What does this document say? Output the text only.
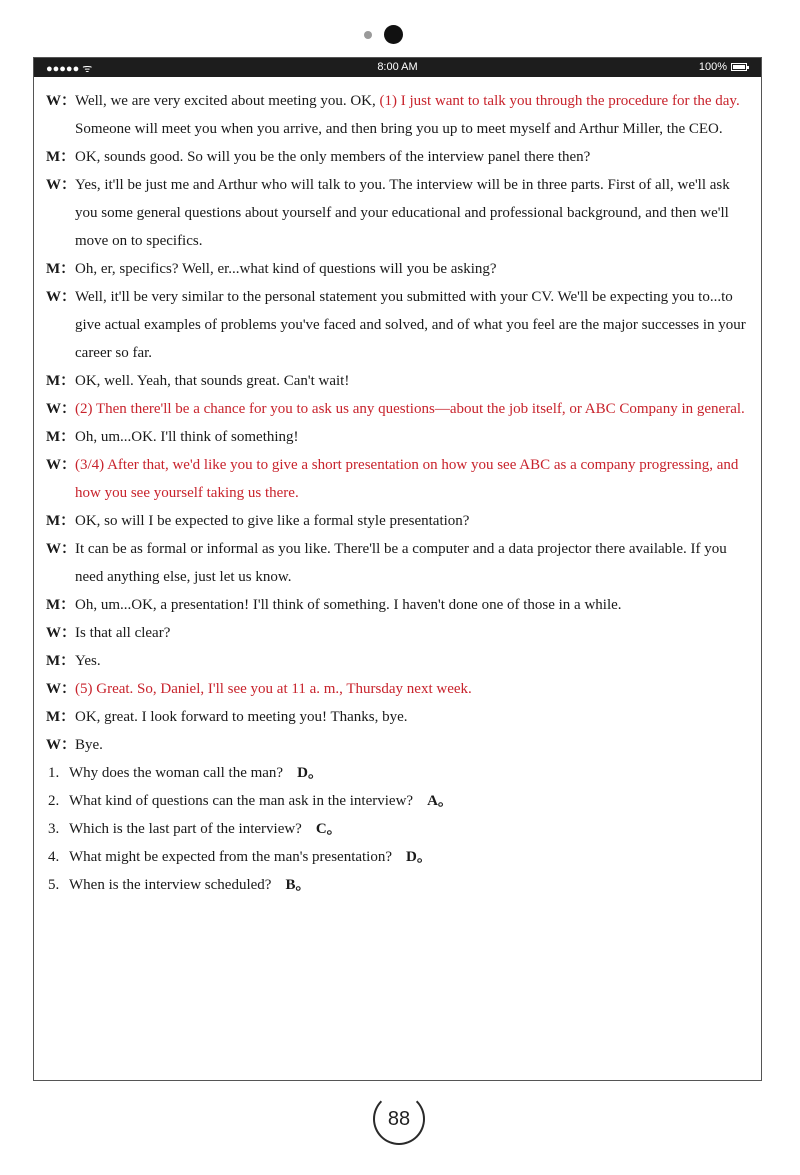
●●●●● ᯤ	8:00 AM	100%
W：
Well, we are very excited about meeting you. OK, (1) I just want to talk you through the procedure for the day. Someone will meet you when you arrive, and then bring you up to meet myself and Arthur Miller, the CEO.
M： OK, sounds good. So will you be the only members of the interview panel there then?
W：
Yes, it'll be just me and Arthur who will talk to you. The interview will be in three parts. First of all, we'll ask you some general questions about yourself and your educational and professional background, and then we'll move on to specifics.
M： Oh, er, specifics? Well, er...what kind of questions will you be asking?
W：
Well, it'll be very similar to the personal statement you submitted with your CV. We'll be expecting you to...to give actual examples of problems you've faced and solved, and of what you feel are the major successes in your career so far.
M： OK, well. Yeah, that sounds great. Can't wait!
W：
(2) Then there'll be a chance for you to ask us any questions—about the job itself, or ABC Company in general.
M： Oh, um...OK. I'll think of something!
W：
(3/4) After that, we'd like you to give a short presentation on how you see ABC as a company progressing, and how you see yourself taking us there.
M： OK, so will I be expected to give like a formal style presentation?
W：
It can be as formal or informal as you like. There'll be a computer and a data projector there available. If you need anything else, just let us know.
M： Oh, um...OK, a presentation! I'll think of something. I haven't done one of those in a while.
W：
Is that all clear?
M： Yes.
W：
(5) Great. So, Daniel, I'll see you at 11 a. m., Thursday next week.
M： OK, great. I look forward to meeting you! Thanks, bye.
W：
Bye.
1. Why does the woman call the man? D。
2. What kind of questions can the man ask in the interview? A。
3. Which is the last part of the interview? C。
4. What might be expected from the man's presentation? D。
5. When is the interview scheduled? B。
88
